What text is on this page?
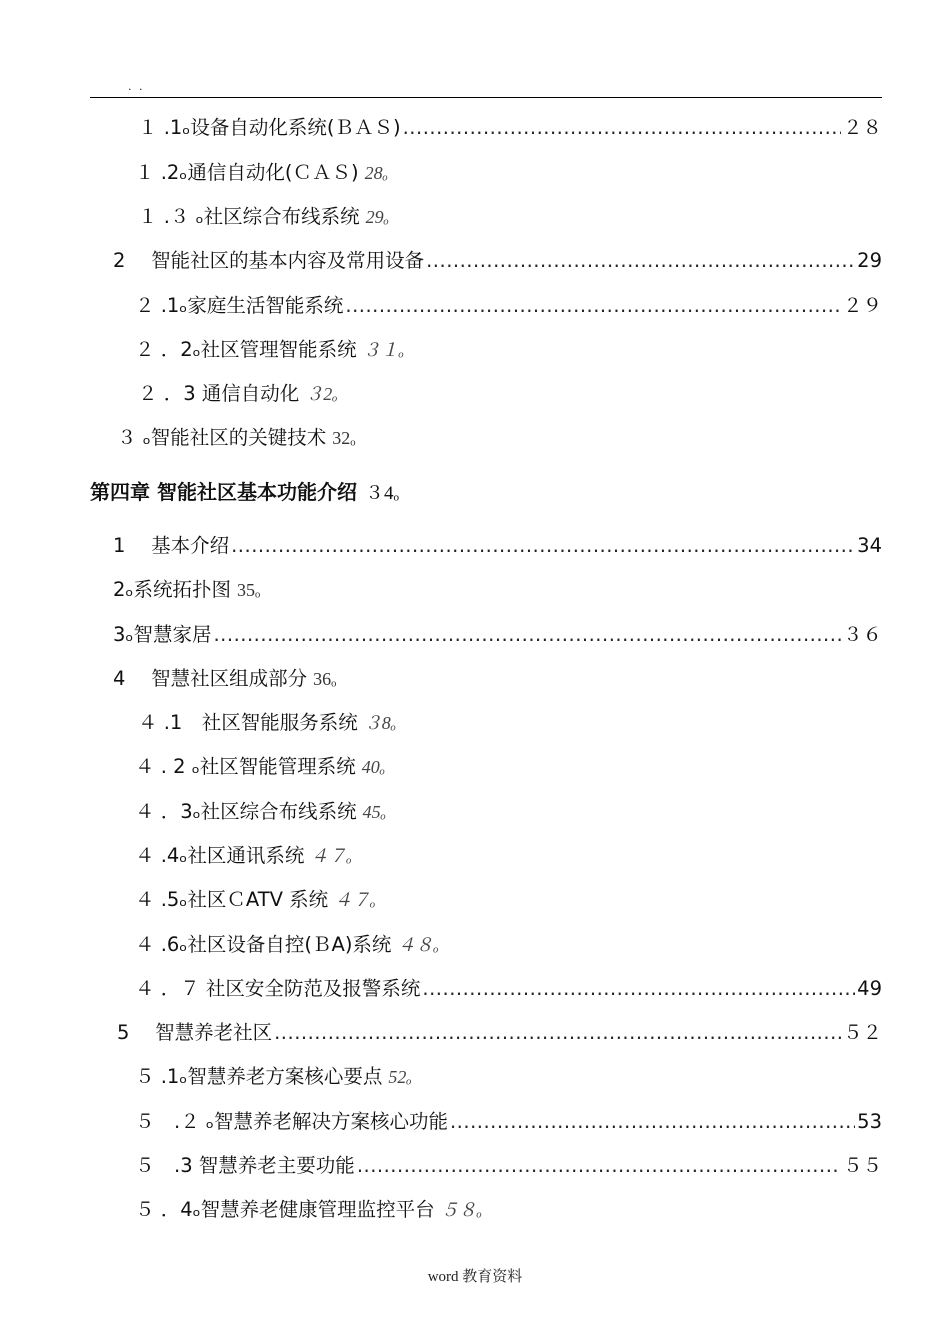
. .
１ .1ₒ设备自动化系统(ＢＡＳ) .....	２８
１ .2ₒ通信自动化(ＣＡＳ) 28ₒ
１ .３ ₒ社区综合布线系统 29ₒ
2　 智能社区的基本内容及常用设备 .....	29
２ .1ₒ家庭生活智能系统 .....	２９
２ ．2ₒ社区管理智能系统 ３１ₒ
２ ．3 通信自动化 ３2ₒ
３ ₒ智能社区的关键技术 32ₒ
第四章 智能社区基本功能介绍 ３4ₒ
1　 基本介绍 .....	34
2ₒ系统拓扑图 35ₒ
3ₒ智慧家居 .....	３６
4　 智慧社区组成部分 36ₒ
４ .1　社区智能服务系统 ３8ₒ
４ . 2 ₒ社区智能管理系统 40ₒ
４ ．3ₒ社区综合布线系统 45ₒ
４ .4ₒ社区通讯系统 ４７ₒ
４ .5ₒ社区ＣATV 系统 ４７ₒ
４ .6ₒ社区设备自控(ＢA)系统 ４８ₒ
４ ．７ 社区安全防范及报警系统 .....	49
5　 智慧养老社区 .....	５２
５ .1ₒ智慧养老方案核心要点 52ₒ
５　.２ ₒ智慧养老解决方案核心功能 .....	53
５　.3 智慧养老主要功能 .....	５５
５ ．4ₒ智慧养老健康管理监控平台 ５８ₒ
word 教育资料
